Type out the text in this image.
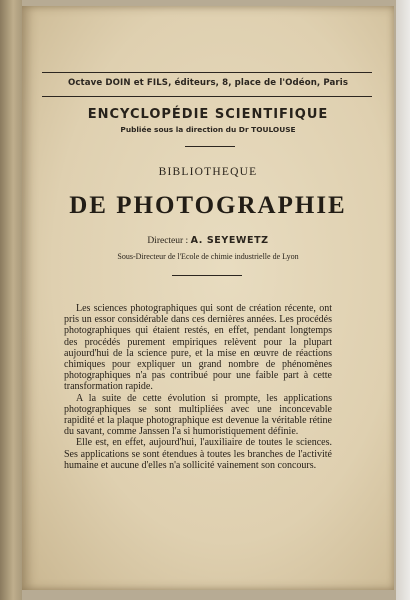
Octave DOIN et FILS, éditeurs, 8, place de l'Odéon, Paris
ENCYCLOPÉDIE SCIENTIFIQUE
Publiée sous la direction du Dr TOULOUSE
BIBLIOTHEQUE
DE PHOTOGRAPHIE
Directeur : A. SEYEWETZ
Sous-Directeur de l'Ecole de chimie industrielle de Lyon

Les sciences photographiques qui sont de création récente, ont pris un essor considérable dans ces dernières années. Les procédés photographiques qui étaient restés, en effet, pendant longtemps des procédés purement empiriques relèvent pour la plupart aujourd'hui de la science pure, et la mise en œuvre de réactions chimiques pour expliquer un grand nombre de phénomènes photographiques n'a pas contribué pour une faible part à cette transformation rapide.

A la suite de cette évolution si prompte, les applications photographiques se sont multipliées avec une inconcevable rapidité et la plaque photographique est devenue la véritable rétine du savant, comme Janssen l'a si humoristiquement définie.

Elle est, en effet, aujourd'hui, l'auxiliaire de toutes le sciences. Ses applications se sont étendues à toutes les branches de l'activité humaine et aucune d'elles n'a sollicité vainement son concours.
